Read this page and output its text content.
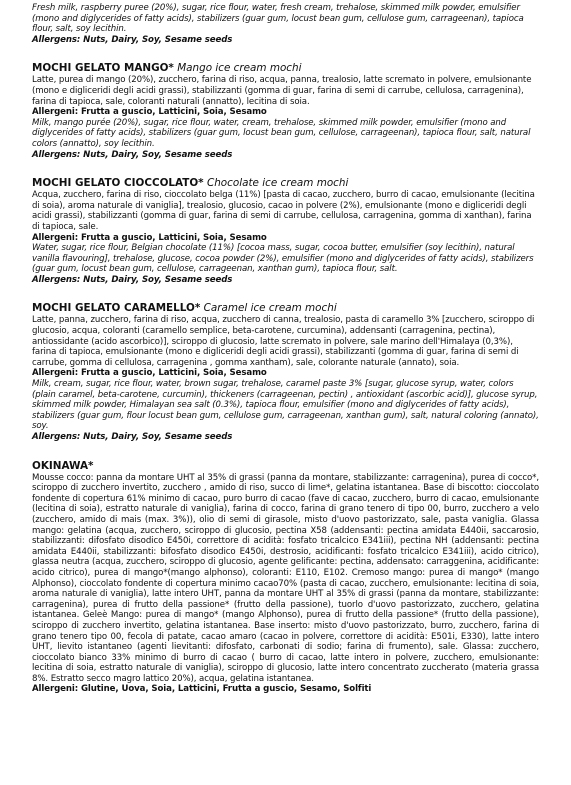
Fresh milk, raspberry puree (20%), sugar, rice flour, water, fresh cream, trehalose, skimmed milk powder, emulsifier (mono and diglycerides of fatty acids), stabilizers (guar gum, locust bean gum, cellulose gum, carrageenan), tapioca flour, salt, soy lecithin.

Allergens: Nuts, Dairy, Soy, Sesame seeds

MOCHI GELATO MANGO* Mango ice cream mochi

Latte, purea di mango (20%), zucchero, farina di riso, acqua, panna, trealosio, latte scremato in polvere, emulsionante (mono e digliceridi degli acidi grassi), stabilizzanti (gomma di guar, farina di semi di carrube, cellulosa, carragenina), farina di tapioca, sale, coloranti naturali (annatto), lecitina di soia.

Allergeni: Frutta a guscio, Latticini, Soia, Sesamo

Milk, mango purée (20%), sugar, rice flour, water, cream, trehalose, skimmed milk powder, emulsifier (mono and diglycerides of fatty acids), stabilizers (guar gum, locust bean gum, cellulose, carrageenan), tapioca flour, salt, natural colors (annatto), soy lecithin.

Allergens: Nuts, Dairy, Soy, Sesame seeds

MOCHI GELATO CIOCCOLATO* Chocolate ice cream mochi

Acqua, zucchero, farina di riso, cioccolato belga (11%) [pasta di cacao, zucchero, burro di cacao, emulsionante (lecitina di soia), aroma naturale di vaniglia], trealosio, glucosio, cacao in polvere (2%), emulsionante (mono e digliceridi degli acidi grassi), stabilizzanti (gomma di guar, farina di semi di carrube, cellulosa, carragenina, gomma di xanthan), farina di tapioca, sale.

Allergeni: Frutta a guscio, Latticini, Soia, Sesamo

Water, sugar, rice flour, Belgian chocolate (11%) [cocoa mass, sugar, cocoa butter, emulsifier (soy lecithin), natural vanilla flavouring], trehalose, glucose, cocoa powder (2%), emulsifier (mono and diglycerides of fatty acids), stabilizers (guar gum, locust bean gum, cellulose, carrageenan, xanthan gum), tapioca flour, salt.

Allergens: Nuts, Dairy, Soy, Sesame seeds

MOCHI GELATO CARAMELLO* Caramel ice cream mochi

Latte, panna, zucchero, farina di riso, acqua, zucchero di canna, trealosio, pasta di caramello 3% [zucchero, sciroppo di glucosio, acqua, coloranti (caramello semplice, beta-carotene, curcumina), addensanti (carragenina, pectina), antiossidante (acido ascorbico)], sciroppo di glucosio, latte scremato in polvere, sale marino dell'Himalaya (0,3%), farina di tapioca, emulsionante (mono e digliceridi degli acidi grassi), stabilizzanti (gomma di guar, farina di semi di carrube, gomma di cellulosa, carragenina , gomma xantham), sale, colorante naturale (annato), soia.

Allergeni: Frutta a guscio, Latticini, Soia, Sesamo

Milk, cream, sugar, rice flour, water, brown sugar, trehalose, caramel paste 3% [sugar, glucose syrup, water, colors (plain caramel, beta-carotene, curcumin), thickeners (carrageenan, pectin) , antioxidant (ascorbic acid)], glucose syrup, skimmed milk powder, Himalayan sea salt (0.3%), tapioca flour, emulsifier (mono and diglycerides of fatty acids), stabilizers (guar gum, flour locust bean gum, cellulose gum, carrageenan, xanthan gum), salt, natural coloring (annato), soy.

Allergens: Nuts, Dairy, Soy, Sesame seeds

OKINAWA*

Mousse cocco: panna da montare UHT al 35% di grassi (panna da montare, stabilizzante: carragenina), purea di cocco*, sciroppo di zucchero invertito, zucchero , amido di riso, succo di lime*, gelatina istantanea. Base di biscotto: cioccolato fondente di copertura 61% minimo di cacao, puro burro di cacao (fave di cacao, zucchero, burro di cacao, emulsionante (lecitina di soia), estratto naturale di vaniglia), farina di cocco, farina di grano tenero di tipo 00, burro, zucchero a velo (zucchero, amido di mais (max. 3%)), olio di semi di girasole, misto d'uovo pastorizzato, sale, pasta vaniglia. Glassa mango: gelatina (acqua, zucchero, sciroppo di glucosio, pectina X58 (addensanti: pectina amidata E440ii, saccarosio, stabilizzanti: difosfato disodico E450i, correttore di acidità: fosfato tricalcico E341iii), pectina NH (addensanti: pectina amidata E440ii, stabilizzanti: bifosfato disodico E450i, destrosio, acidificanti: fosfato tricalcico E341iii), acido citrico), glassa neutra (acqua, zucchero, sciroppo di glucosio, agente gelificante: pectina, addensato: carraggenina, acidificante: acido citrico), purea di mango*(mango alphonso), coloranti: E110, E102. Cremoso mango: purea di mango* (mango Alphonso), cioccolato fondente di copertura minimo cacao70% (pasta di cacao, zucchero, emulsionante: lecitina di soia, aroma naturale di vaniglia), latte intero UHT, panna da montare UHT al 35% di grassi (panna da montare, stabilizzante: carragenina), purea di frutto della passione* (frutto della passione), tuorlo d'uovo pastorizzato, zucchero, gelatina istantanea. Geleè Mango: purea di mango* (mango Alphonso), purea di frutto della passione* (frutto della passione), sciroppo di zucchero invertito, gelatina istantanea. Base inserto: misto d'uovo pastorizzato, burro, zucchero, farina di grano tenero tipo 00, fecola di patate, cacao amaro (cacao in polvere, correttore di acidità: E501i, E330), latte intero UHT, lievito istantaneo (agenti lievitanti: difosfato, carbonati di sodio; farina di frumento), sale. Glassa: zucchero, cioccolato bianco 33% minimo di burro di cacao ( burro di cacao, latte intero in polvere, zucchero, emulsionante: lecitina di soia, estratto naturale di vaniglia), sciroppo di glucosio, latte intero concentrato zuccherato (materia grassa 8%. Estratto secco magro lattico 20%), acqua, gelatina istantanea.

Allergeni: Glutine, Uova, Soia, Latticini, Frutta a guscio, Sesamo, Solfiti
